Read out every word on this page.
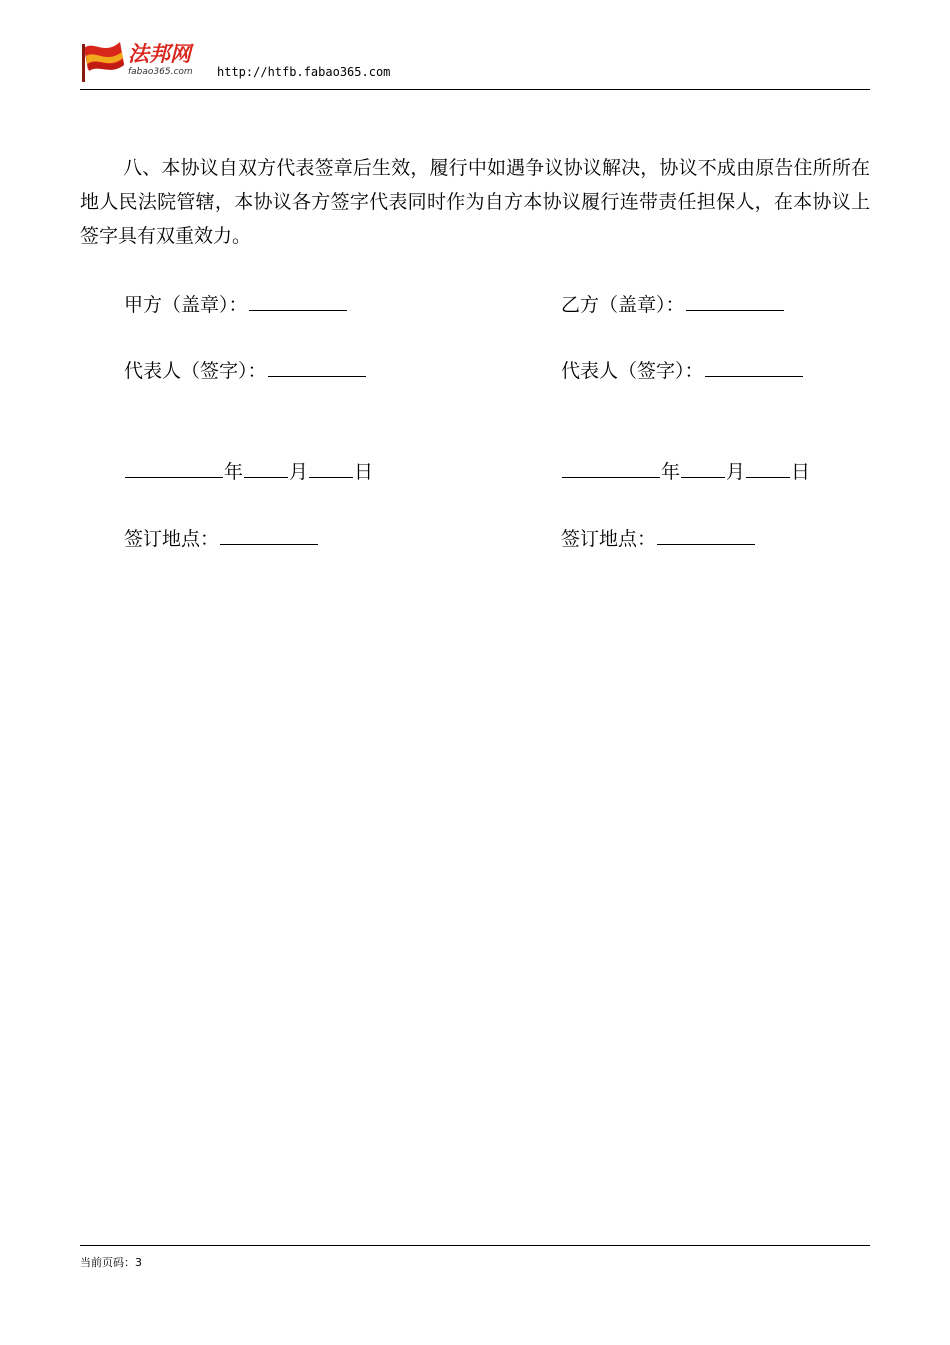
法邦网
fabao365.com http://htfb.fabao365.com

八、本协议自双方代表签章后生效，履行中如遇争议协议解决，协议不成由原告住所所在地人民法院管辖，本协议各方签字代表同时作为自方本协议履行连带责任担保人，在本协议上签字具有双重效力。

甲方（盖章）：	乙方（盖章）：
代表人（签字）：	代表人（签字）：
年 月 日	年 月 日
签订地点：	签订地点：
当前页码：3
